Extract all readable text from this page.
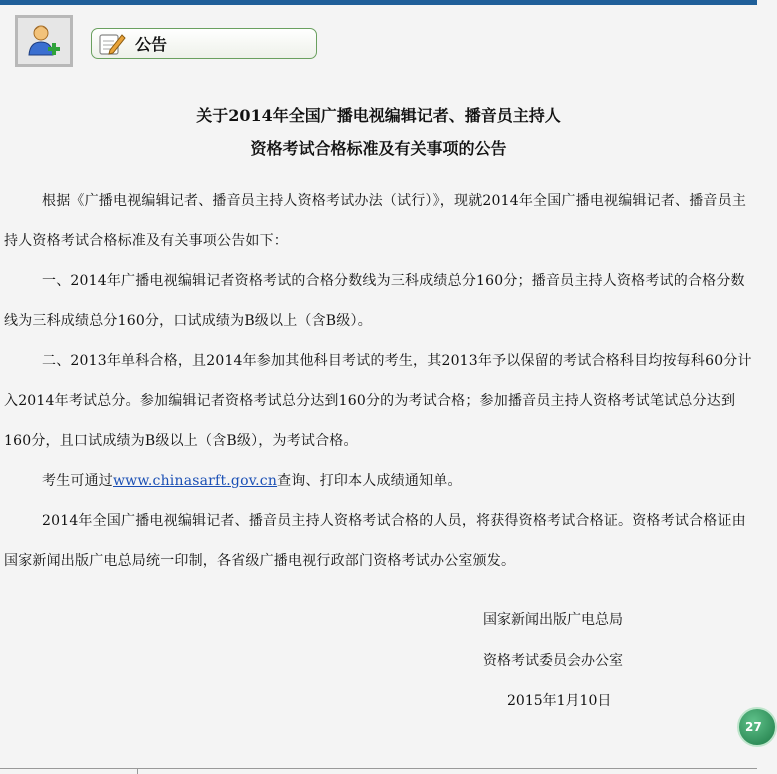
公告
关于2014年全国广播电视编辑记者、播音员主持人
资格考试合格标准及有关事项的公告
根据《广播电视编辑记者、播音员主持人资格考试办法（试行）》，现就2014年全国广播电视编辑记者、播音员主持人资格考试合格标准及有关事项公告如下：
一、2014年广播电视编辑记者资格考试的合格分数线为三科成绩总分160分；播音员主持人资格考试的合格分数线为三科成绩总分160分，口试成绩为B级以上（含B级）。
二、2013年单科合格，且2014年参加其他科目考试的考生，其2013年予以保留的考试合格科目均按每科60分计入2014年考试总分。参加编辑记者资格考试总分达到160分的为考试合格；参加播音员主持人资格考试笔试总分达到160分，且口试成绩为B级以上（含B级），为考试合格。
考生可通过www.chinasarft.gov.cn查询、打印本人成绩通知单。
2014年全国广播电视编辑记者、播音员主持人资格考试合格的人员，将获得资格考试合格证。资格考试合格证由国家新闻出版广电总局统一印制，各省级广播电视行政部门资格考试办公室颁发。
国家新闻出版广电总局
资格考试委员会办公室
2015年1月10日
27
